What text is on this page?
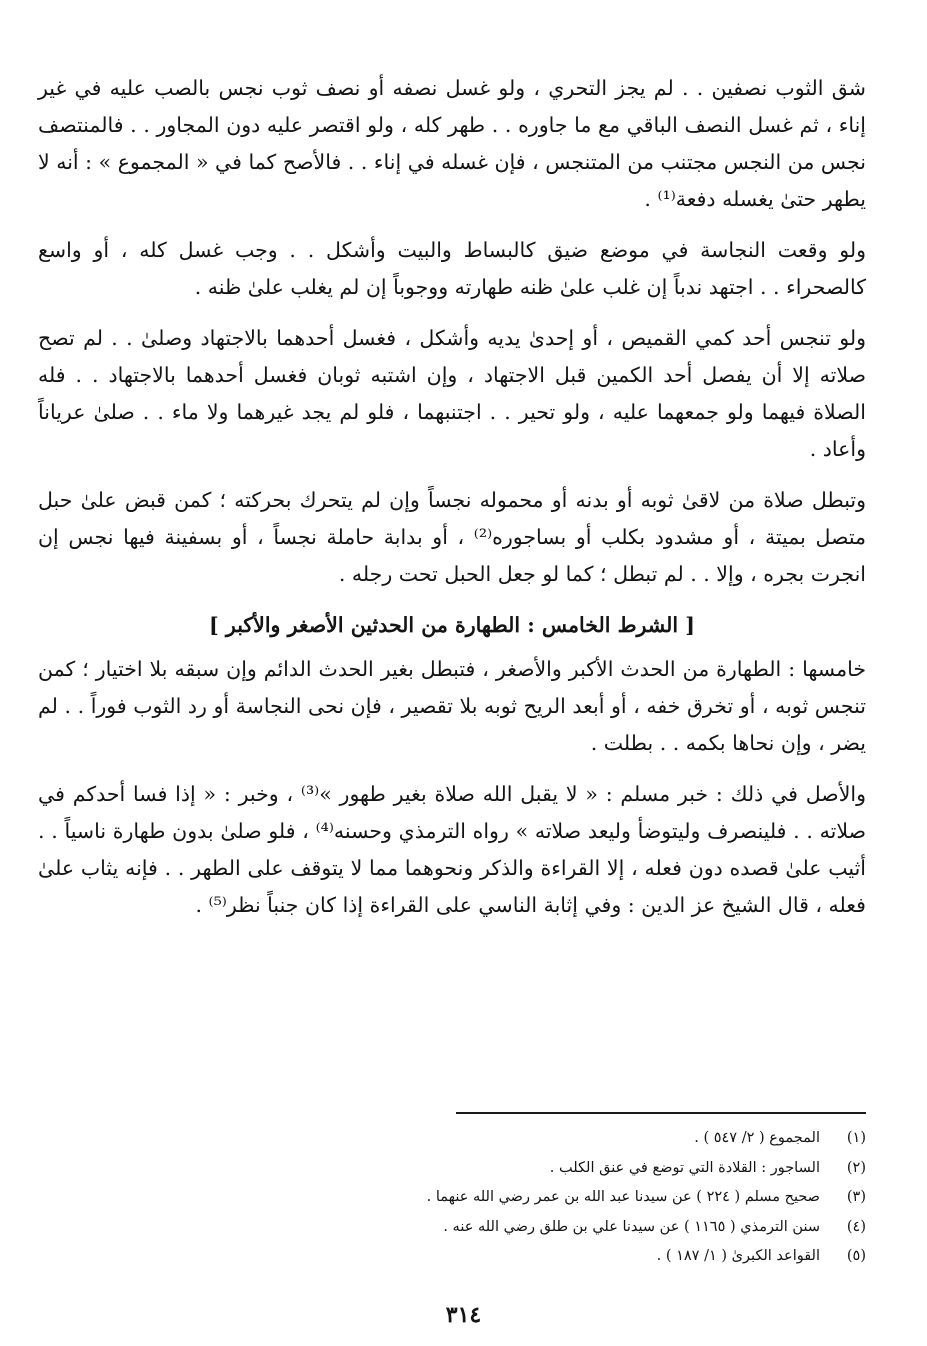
شق الثوب نصفين . . لم يجز التحري ، ولو غسل نصفه أو نصف ثوب نجس بالصب عليه في غير إناء ، ثم غسل النصف الباقي مع ما جاوره . . طهر كله ، ولو اقتصر عليه دون المجاور . . فالمنتصف نجس من النجس مجتنب من المتنجس ، فإن غسله في إناء . . فالأصح كما في « المجموع » : أنه لا يطهر حتىٰ يغسله دفعة⁽¹⁾ .

ولو وقعت النجاسة في موضع ضيق كالبساط والبيت وأشكل . . وجب غسل كله ، أو واسع كالصحراء . . اجتهد ندباً إن غلب علىٰ ظنه طهارته ووجوباً إن لم يغلب علىٰ ظنه .

ولو تنجس أحد كمي القميص ، أو إحدىٰ يديه وأشكل ، فغسل أحدهما بالاجتهاد وصلىٰ . . لم تصح صلاته إلا أن يفصل أحد الكمين قبل الاجتهاد ، وإن اشتبه ثوبان فغسل أحدهما بالاجتهاد . . فله الصلاة فيهما ولو جمعهما عليه ، ولو تحير . . اجتنبهما ، فلو لم يجد غيرهما ولا ماء . . صلىٰ عرياناً وأعاد .

وتبطل صلاة من لاقىٰ ثوبه أو بدنه أو محموله نجساً وإن لم يتحرك بحركته ؛ كمن قبض علىٰ حبل متصل بميتة ، أو مشدود بكلب أو بساجوره⁽²⁾ ، أو بدابة حاملة نجساً ، أو بسفينة فيها نجس إن انجرت بجره ، وإلا . . لم تبطل ؛ كما لو جعل الحبل تحت رجله .

[ الشرط الخامس : الطهارة من الحدثين الأصغر والأكبر ]

خامسها : الطهارة من الحدث الأكبر والأصغر ، فتبطل بغير الحدث الدائم وإن سبقه بلا اختيار ؛ كمن تنجس ثوبه ، أو تخرق خفه ، أو أبعد الريح ثوبه بلا تقصير ، فإن نحى النجاسة أو رد الثوب فوراً . . لم يضر ، وإن نحاها بكمه . . بطلت .

والأصل في ذلك : خبر مسلم : « لا يقبل الله صلاة بغير طهور »⁽³⁾ ، وخبر : « إذا فسا أحدكم في صلاته . . فلينصرف وليتوضأ وليعد صلاته » رواه الترمذي وحسنه⁽⁴⁾ ، فلو صلىٰ بدون طهارة ناسياً . . أثيب علىٰ قصده دون فعله ، إلا القراءة والذكر ونحوهما مما لا يتوقف على الطهر . . فإنه يثاب علىٰ فعله ، قال الشيخ عز الدين : وفي إثابة الناسي على القراءة إذا كان جنباً نظر⁽⁵⁾ .

(١)
المجموع ( ٢/ ٥٤٧ ) .
(٢)
الساجور : القلادة التي توضع في عنق الكلب .
(٣)
صحيح مسلم ( ٢٢٤ ) عن سيدنا عبد الله بن عمر رضي الله عنهما .
(٤)
سنن الترمذي ( ١١٦٥ ) عن سيدنا علي بن طلق رضي الله عنه .
(٥)
القواعد الكبرىٰ ( ١/ ١٨٧ ) .
٣١٤
